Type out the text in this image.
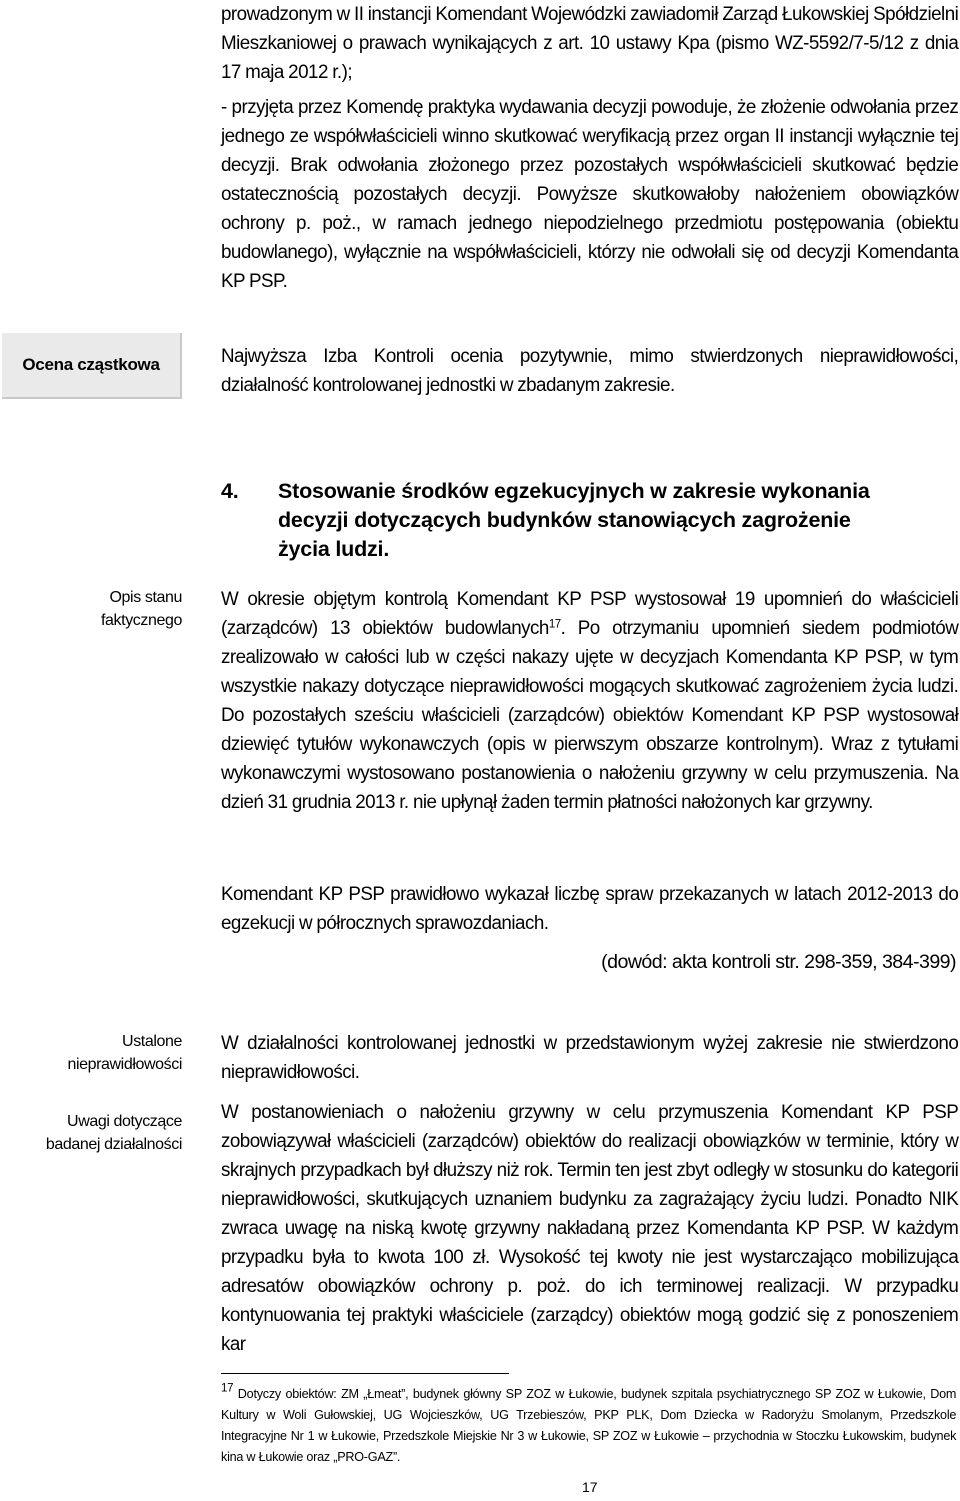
prowadzonym w II instancji Komendant Wojewódzki zawiadomił Zarząd Łukowskiej Spółdzielni Mieszkaniowej o prawach wynikających z art. 10 ustawy Kpa (pismo WZ-5592/7-5/12 z dnia 17 maja 2012 r.);

- przyjęta przez Komendę praktyka wydawania decyzji powoduje, że złożenie odwołania przez jednego ze współwłaścicieli winno skutkować weryfikacją przez organ II instancji wyłącznie tej decyzji. Brak odwołania złożonego przez pozostałych współwłaścicieli skutkować będzie ostatecznością pozostałych decyzji. Powyższe skutkowałoby nałożeniem obowiązków ochrony p. poż., w ramach jednego niepodzielnego przedmiotu postępowania (obiektu budowlanego), wyłącznie na współwłaścicieli, którzy nie odwołali się od decyzji Komendanta KP PSP.

Ocena cząstkowa	Najwyższa Izba Kontroli ocenia pozytywnie, mimo stwierdzonych nieprawidłowości, działalność kontrolowanej jednostki w zbadanym zakresie.

4. Stosowanie środków egzekucyjnych w zakresie wykonania
decyzji dotyczących budynków stanowiących zagrożenie
życia ludzi.

Opis stanu

faktycznego

W okresie objętym kontrolą Komendant KP PSP wystosował 19 upomnień do właścicieli (zarządców) 13 obiektów budowlanych$^{17}$. Po otrzymaniu upomnień siedem podmiotów zrealizowało w całości lub w części nakazy ujęte w decyzjach Komendanta KP PSP, w tym wszystkie nakazy dotyczące nieprawidłowości mogących skutkować zagrożeniem życia ludzi. Do pozostałych sześciu właścicieli (zarządców) obiektów Komendant KP PSP wystosował dziewięć tytułów wykonawczych (opis w pierwszym obszarze kontrolnym). Wraz z tytułami wykonawczymi wystosowano postanowienia o nałożeniu grzywny w celu przymuszenia. Na dzień 31 grudnia 2013 r. nie upłynął żaden termin płatności nałożonych kar grzywny.

Komendant KP PSP prawidłowo wykazał liczbę spraw przekazanych w latach 2012-2013 do egzekucji w półrocznych sprawozdaniach.

(dowód: akta kontroli str. 298-359, 384-399)

Ustalone

nieprawidłowości

Uwagi dotyczące

badanej działalności

W działalności kontrolowanej jednostki w przedstawionym wyżej zakresie nie stwierdzono nieprawidłowości.

W postanowieniach o nałożeniu grzywny w celu przymuszenia Komendant KP PSP zobowiązywał właścicieli (zarządców) obiektów do realizacji obowiązków w terminie, który w skrajnych przypadkach był dłuższy niż rok. Termin ten jest zbyt odległy w stosunku do kategorii nieprawidłowości, skutkujących uznaniem budynku za zagrażający życiu ludzi. Ponadto NIK zwraca uwagę na niską kwotę grzywny nakładaną przez Komendanta KP PSP. W każdym przypadku była to kwota 100 zł. Wysokość tej kwoty nie jest wystarczająco mobilizująca adresatów obowiązków ochrony p. poż. do ich terminowej realizacji. W przypadku kontynuowania tej praktyki właściciele (zarządcy) obiektów mogą godzić się z ponoszeniem kar

$^{17}$ Dotyczy obiektów: ZM „Łmeat”, budynek główny SP ZOZ w Łukowie, budynek szpitala psychiatrycznego SP ZOZ w Łukowie, Dom Kultury w Woli Gułowskiej, UG Wojcieszków, UG Trzebieszów, PKP PLK, Dom Dziecka w Radoryżu Smolanym, Przedszkole Integracyjne Nr 1 w Łukowie, Przedszkole Miejskie Nr 3 w Łukowie, SP ZOZ w Łukowie – przychodnia w Stoczku Łukowskim, budynek kina w Łukowie oraz „PRO-GAZ”.

17
